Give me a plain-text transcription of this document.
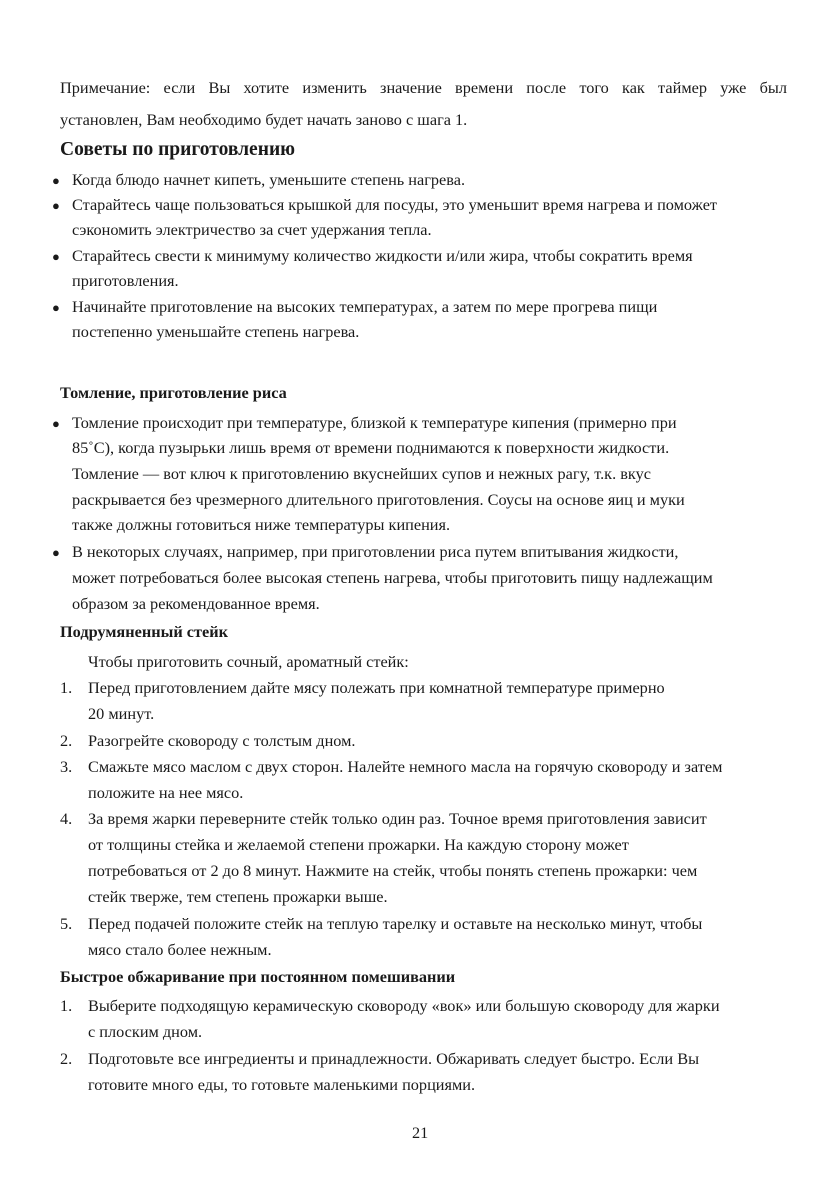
Примечание: если Вы хотите изменить значение времени после того как таймер уже был
установлен, Вам необходимо будет начать заново с шага 1.
Советы по приготовлению
● Когда блюдо начнет кипеть, уменьшите степень нагрева.
● Старайтесь чаще пользоваться крышкой для посуды, это уменьшит время нагрева и поможет
сэкономить электричество за счет удержания тепла.
● Старайтесь свести к минимуму количество жидкости и/или жира, чтобы сократить время
приготовления.
● Начинайте приготовление на высоких температурах, а затем по мере прогрева пищи
постепенно уменьшайте степень нагрева.
Томление, приготовление риса
● Томление происходит при температуре, близкой к температуре кипения (примерно при
85˚С), когда пузырьки лишь время от времени поднимаются к поверхности жидкости.
Томление — вот ключ к приготовлению вкуснейших супов и нежных рагу, т.к. вкус
раскрывается без чрезмерного длительного приготовления. Соусы на основе яиц и муки
также должны готовиться ниже температуры кипения.
● В некоторых случаях, например, при приготовлении риса путем впитывания жидкости,
может потребоваться более высокая степень нагрева, чтобы приготовить пищу надлежащим
образом за рекомендованное время.
Подрумяненный стейк
Чтобы приготовить сочный, ароматный стейк:
1. Перед приготовлением дайте мясу полежать при комнатной температуре примерно
20 минут.
2. Разогрейте сковороду с толстым дном.
3. Смажьте мясо маслом с двух сторон. Налейте немного масла на горячую сковороду и затем
положите на нее мясо.
4. За время жарки переверните стейк только один раз. Точное время приготовления зависит
от толщины стейка и желаемой степени прожарки. На каждую сторону может
потребоваться от 2 до 8 минут. Нажмите на стейк, чтобы понять степень прожарки: чем
стейк тверже, тем степень прожарки выше.
5. Перед подачей положите стейк на теплую тарелку и оставьте на несколько минут, чтобы
мясо стало более нежным.
Быстрое обжаривание при постоянном помешивании
1. Выберите подходящую керамическую сковороду «вок» или большую сковороду для жарки
с плоским дном.
2. Подготовьте все ингредиенты и принадлежности. Обжаривать следует быстро. Если Вы
готовите много еды, то готовьте маленькими порциями.
21
